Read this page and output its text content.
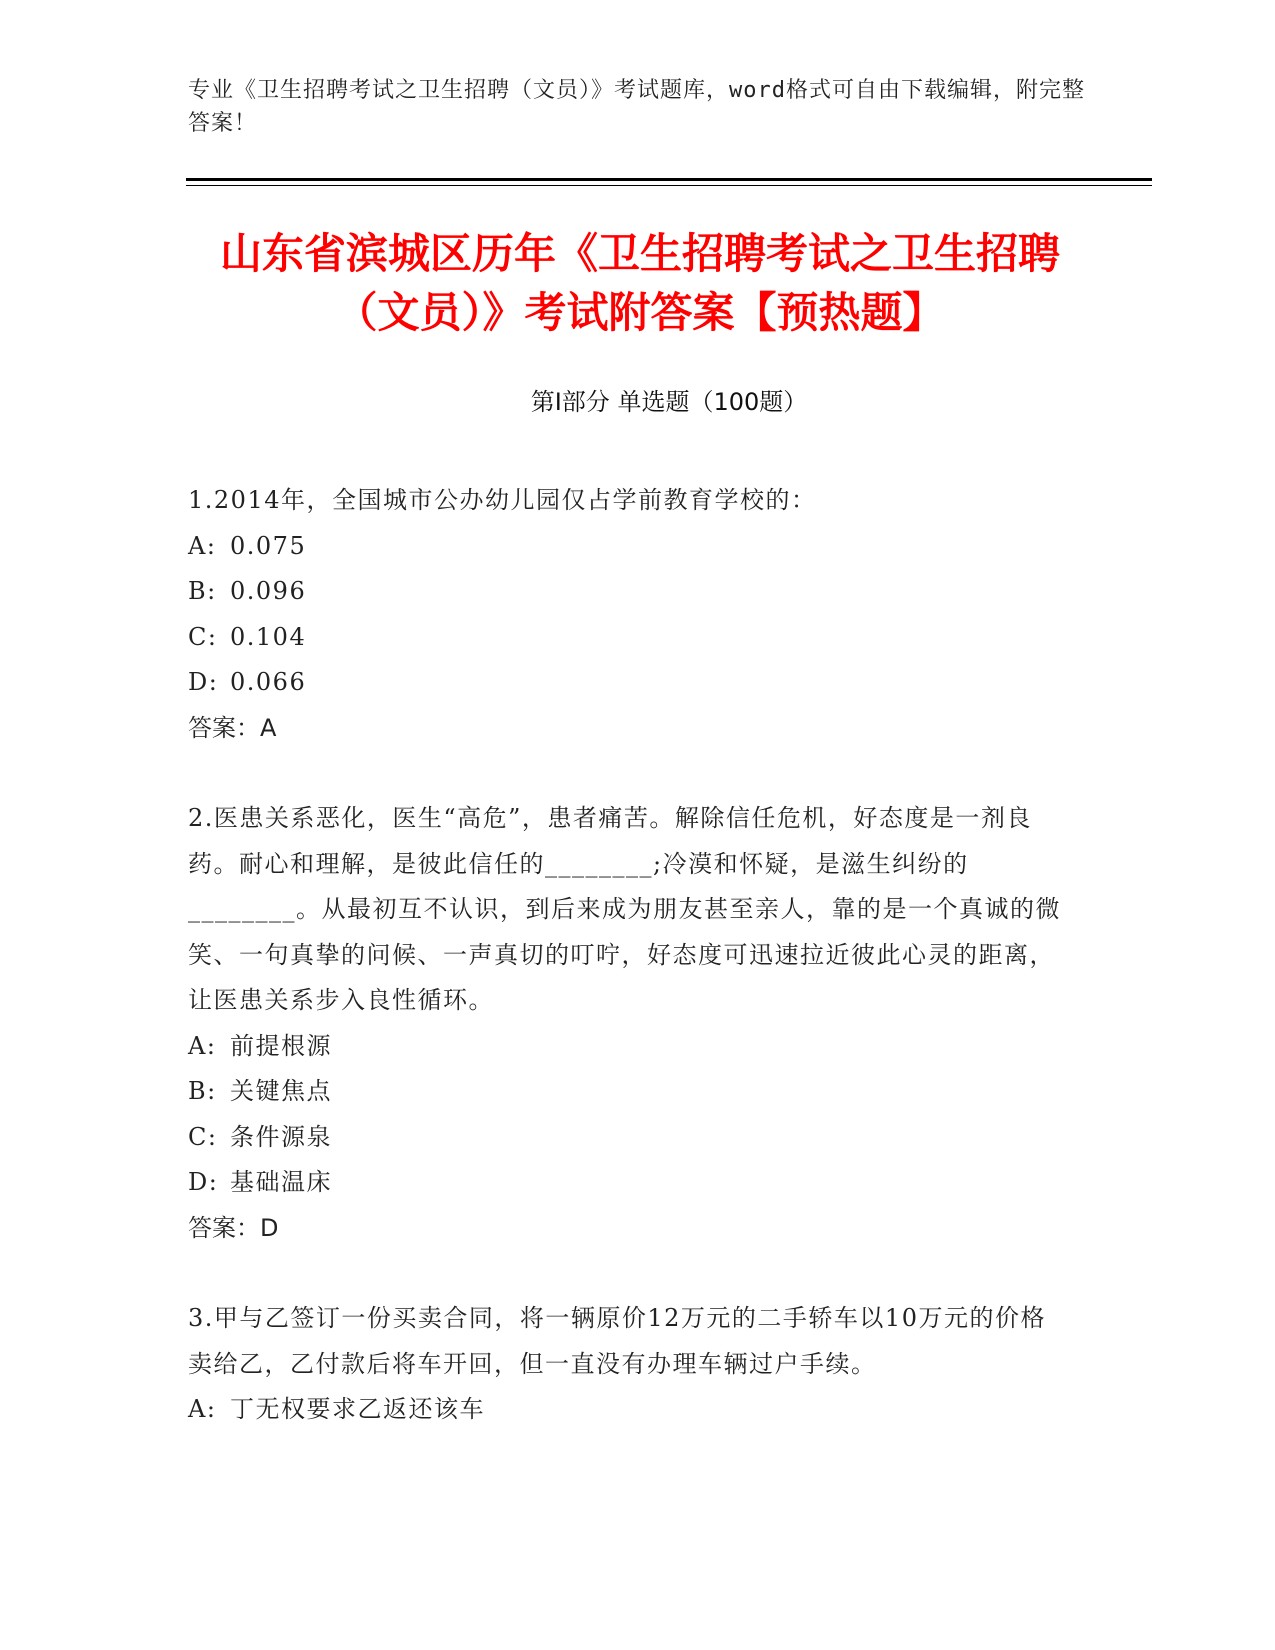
专业《卫生招聘考试之卫生招聘（文员）》考试题库，word格式可自由下载编辑，附完整答案！
山东省滨城区历年《卫生招聘考试之卫生招聘（文员）》考试附答案【预热题】
第I部分 单选题（100题）

1.2014年，全国城市公办幼儿园仅占学前教育学校的：

A: 0.075

B: 0.096

C: 0.104

D: 0.066

答案：A

2.医患关系恶化，医生“高危”，患者痛苦。解除信任危机，好态度是一剂良药。耐心和理解，是彼此信任的________;冷漠和怀疑，是滋生纠纷的________。从最初互不认识，到后来成为朋友甚至亲人，靠的是一个真诚的微笑、一句真挚的问候、一声真切的叮咛，好态度可迅速拉近彼此心灵的距离，让医患关系步入良性循环。

A: 前提根源

B: 关键焦点

C: 条件源泉

D: 基础温床

答案：D

3.甲与乙签订一份买卖合同，将一辆原价12万元的二手轿车以10万元的价格卖给乙，乙付款后将车开回，但一直没有办理车辆过户手续。

A: 丁无权要求乙返还该车
